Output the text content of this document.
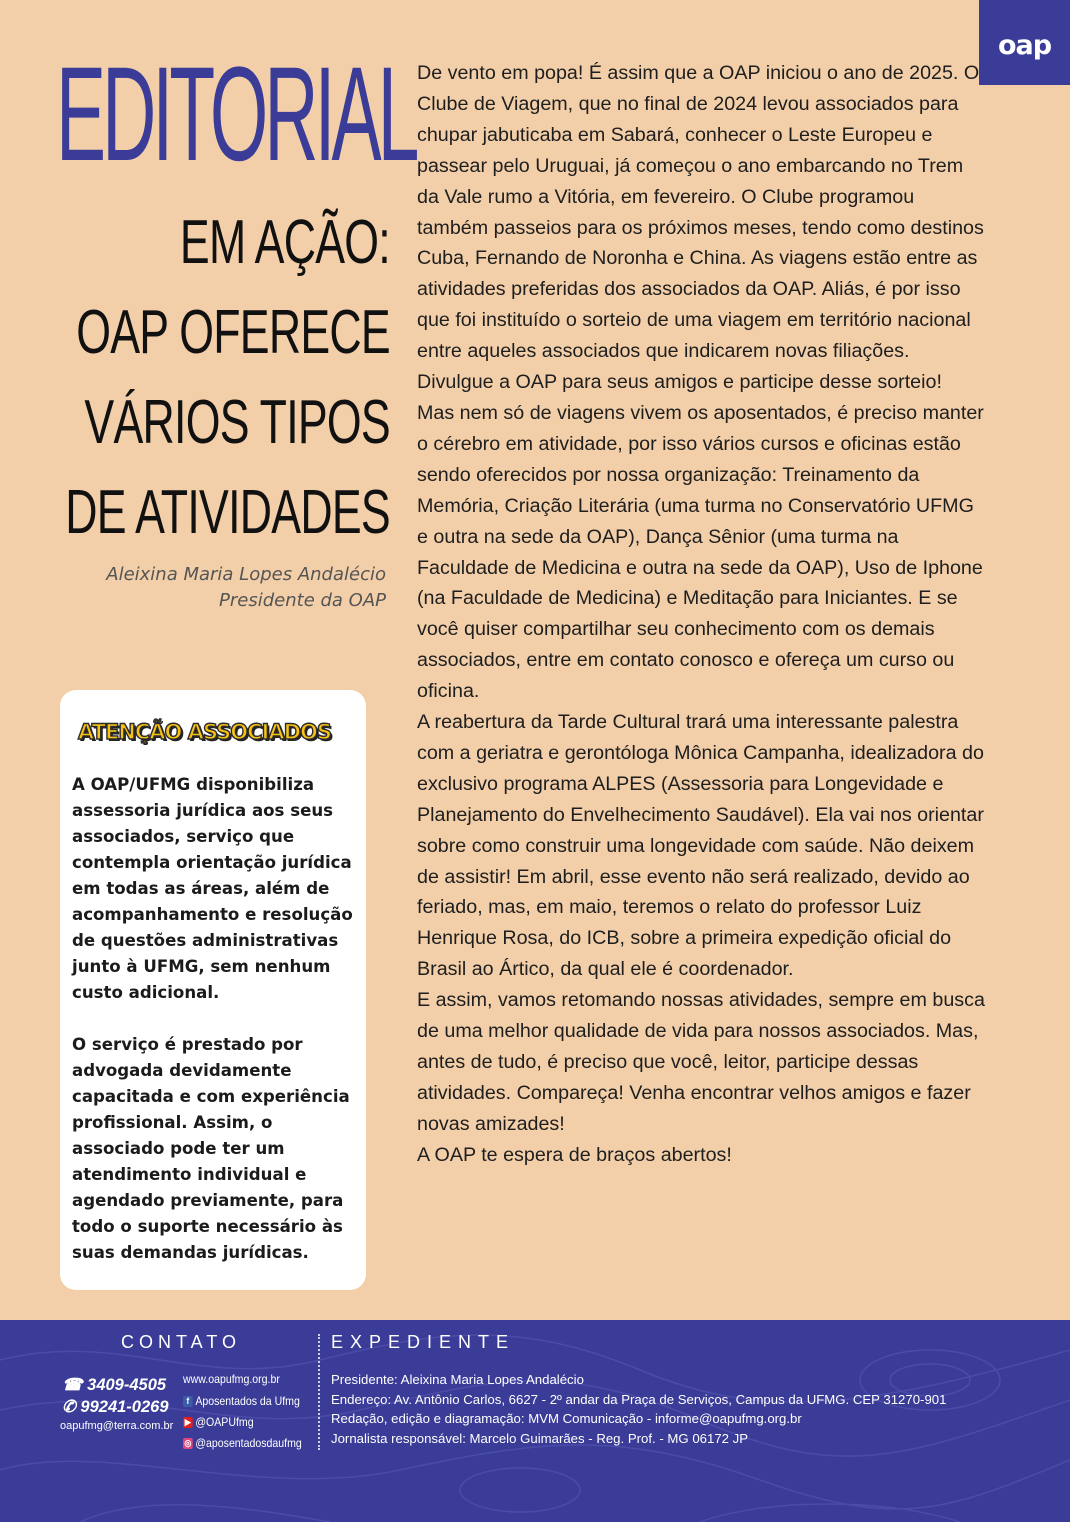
oap
EDITORIAL
EM AÇÃO:
OAP OFERECE
VÁRIOS TIPOS
DE ATIVIDADES
Aleixina Maria Lopes Andalécio
Presidente da OAP
ATENÇÃO ASSOCIADOS

A OAP/UFMG disponibiliza assessoria jurídica aos seus associados, serviço que contempla orientação jurídica em todas as áreas, além de acompanhamento e resolução de questões administrativas junto à UFMG, sem nenhum custo adicional.

O serviço é prestado por advogada devidamente capacitada e com experiência profissional. Assim, o associado pode ter um atendimento individual e agendado previamente, para todo o suporte necessário às suas demandas jurídicas.

De vento em popa! É assim que a OAP iniciou o ano de 2025. O Clube de Viagem, que no final de 2024 levou associados para chupar jabuticaba em Sabará, conhecer o Leste Europeu e passear pelo Uruguai, já começou o ano embarcando no Trem da Vale rumo a Vitória, em fevereiro. O Clube programou também passeios para os próximos meses, tendo como destinos Cuba, Fernando de Noronha e China. As viagens estão entre as atividades preferidas dos associados da OAP. Aliás, é por isso que foi instituído o sorteio de uma viagem em território nacional entre aqueles associados que indicarem novas filiações. Divulgue a OAP para seus amigos e participe desse sorteio!

Mas nem só de viagens vivem os aposentados, é preciso manter o cérebro em atividade, por isso vários cursos e oficinas estão sendo oferecidos por nossa organização: Treinamento da Memória, Criação Literária (uma turma no Conservatório UFMG e outra na sede da OAP), Dança Sênior (uma turma na Faculdade de Medicina e outra na sede da OAP), Uso de Iphone (na Faculdade de Medicina) e Meditação para Iniciantes. E se você quiser compartilhar seu conhecimento com os demais associados, entre em contato conosco e ofereça um curso ou oficina.

A reabertura da Tarde Cultural trará uma interessante palestra com a geriatra e gerontóloga Mônica Campanha, idealizadora do exclusivo programa ALPES (Assessoria para Longevidade e Planejamento do Envelhecimento Saudável). Ela vai nos orientar sobre como construir uma longevidade com saúde. Não deixem de assistir! Em abril, esse evento não será realizado, devido ao feriado, mas, em maio, teremos o relato do professor Luiz Henrique Rosa, do ICB, sobre a primeira expedição oficial do Brasil ao Ártico, da qual ele é coordenador.

E assim, vamos retomando nossas atividades, sempre em busca de uma melhor qualidade de vida para nossos associados. Mas, antes de tudo, é preciso que você, leitor, participe dessas atividades. Compareça! Venha encontrar velhos amigos e fazer novas amizades!

A OAP te espera de braços abertos!

CONTATO	EXPEDIENTE
☎ 3409-4505
✆ 99241-0269
oapufmg@terra.com.br
www.oapufmg.org.br
f Aposentados da Ufmg
▶ @OAPUfmg
◎ @aposentadosdaufmg
Presidente: Aleixina Maria Lopes Andalécio
Endereço: Av. Antônio Carlos, 6627 - 2º andar da Praça de Serviços, Campus da UFMG. CEP 31270-901
Redação, edição e diagramação: MVM Comunicação - informe@oapufmg.org.br
Jornalista responsável: Marcelo Guimarães - Reg. Prof. - MG 06172 JP
